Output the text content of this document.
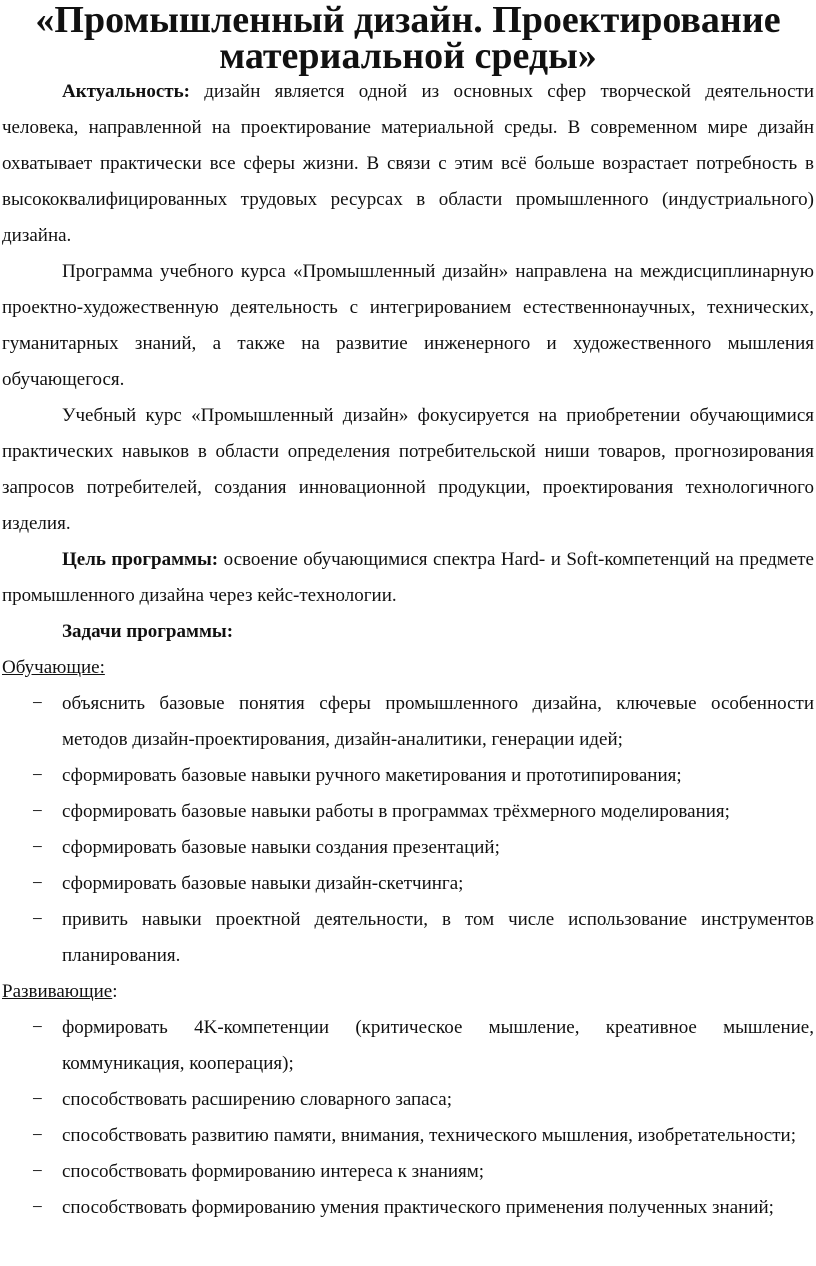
«Промышленный дизайн. Проектирование материальной среды»

Актуальность: дизайн является одной из основных сфер творческой деятельности человека, направленной на проектирование материальной среды. В современном мире дизайн охватывает практически все сферы жизни. В связи с этим всё больше возрастает потребность в высококвалифицированных трудовых ресурсах в области промышленного (индустриального) дизайна.

Программа учебного курса «Промышленный дизайн» направлена на междисциплинарную проектно-художественную деятельность с интегрированием естественнонаучных, технических, гуманитарных знаний, а также на развитие инженерного и художественного мышления обучающегося.

Учебный курс «Промышленный дизайн» фокусируется на приобретении обучающимися практических навыков в области определения потребительской ниши товаров, прогнозирования запросов потребителей, создания инновационной продукции, проектирования технологичного изделия.

Цель программы: освоение обучающимися спектра Hard- и Soft-компетенций на предмете промышленного дизайна через кейс-технологии.

Задачи программы:

Обучающие:
− объяснить базовые понятия сферы промышленного дизайна, ключевые особенности методов дизайн-проектирования, дизайн-аналитики, генерации идей;
− сформировать базовые навыки ручного макетирования и прототипирования;
− сформировать базовые навыки работы в программах трёхмерного моделирования;
− сформировать базовые навыки создания презентаций;
− сформировать базовые навыки дизайн-скетчинга;
− привить навыки проектной деятельности, в том числе использование инструментов планирования.
Развивающие:
− формировать 4K-компетенции (критическое мышление, креативное мышление, коммуникация, кооперация);
− способствовать расширению словарного запаса;
− способствовать развитию памяти, внимания, технического мышления, изобретательности;
− способствовать формированию интереса к знаниям;
− способствовать формированию умения практического применения полученных знаний;
